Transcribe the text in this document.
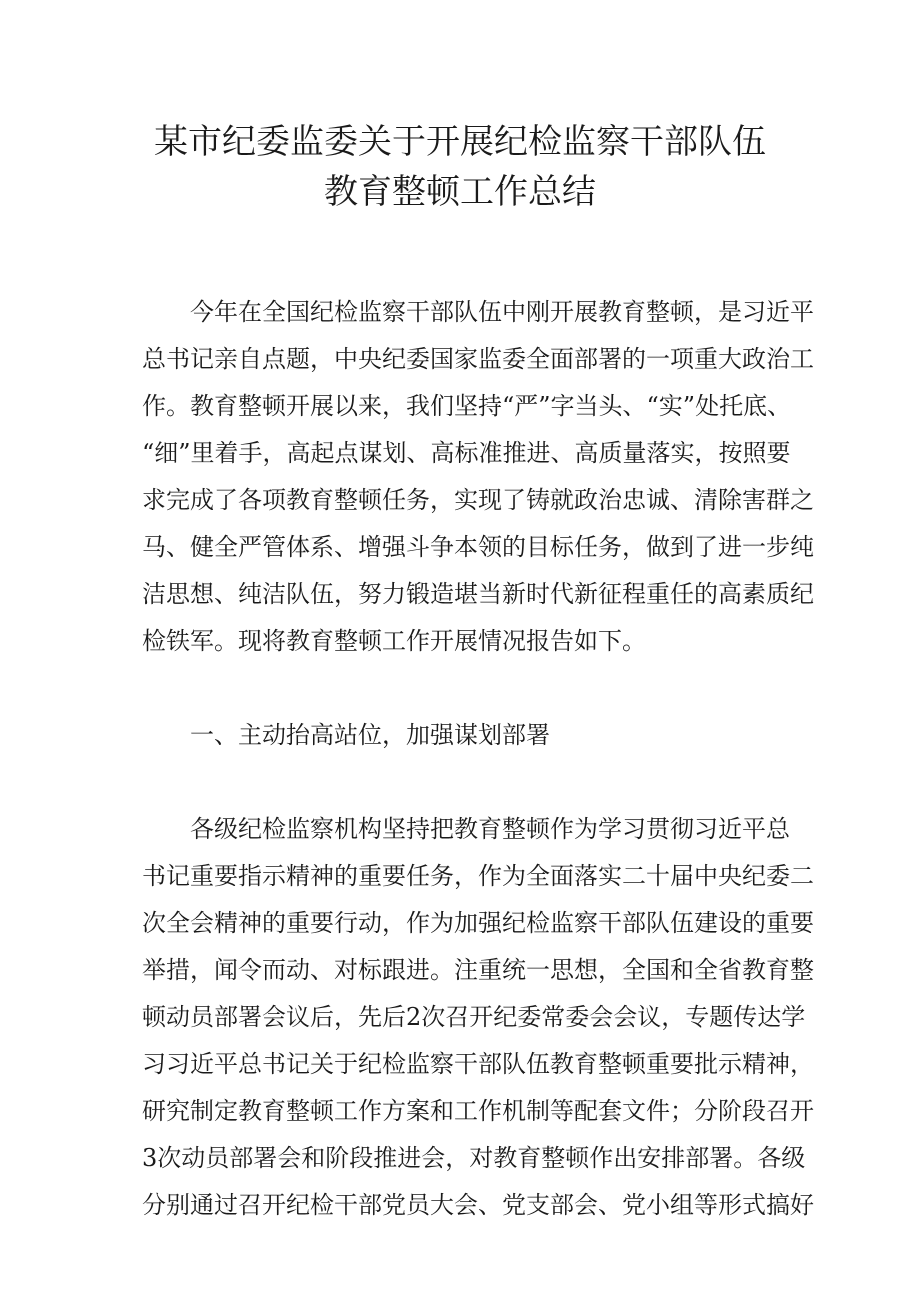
某市纪委监委关于开展纪检监察干部队伍
教育整顿工作总结

今年在全国纪检监察干部队伍中刚开展教育整顿，是习近平

总书记亲自点题，中央纪委国家监委全面部署的一项重大政治工

作。教育整顿开展以来，我们坚持“严”字当头、“实”处托底、

“细”里着手，高起点谋划、高标准推进、高质量落实，按照要

求完成了各项教育整顿任务，实现了铸就政治忠诚、清除害群之

马、健全严管体系、增强斗争本领的目标任务，做到了进一步纯

洁思想、纯洁队伍，努力锻造堪当新时代新征程重任的高素质纪

检铁军。现将教育整顿工作开展情况报告如下。

一、主动抬高站位，加强谋划部署

各级纪检监察机构坚持把教育整顿作为学习贯彻习近平总

书记重要指示精神的重要任务，作为全面落实二十届中央纪委二

次全会精神的重要行动，作为加强纪检监察干部队伍建设的重要

举措，闻令而动、对标跟进。注重统一思想，全国和全省教育整

顿动员部署会议后，先后2次召开纪委常委会会议，专题传达学

习习近平总书记关于纪检监察干部队伍教育整顿重要批示精神，

研究制定教育整顿工作方案和工作机制等配套文件；分阶段召开

3次动员部署会和阶段推进会，对教育整顿作出安排部署。各级

分别通过召开纪检干部党员大会、党支部会、党小组等形式搞好
